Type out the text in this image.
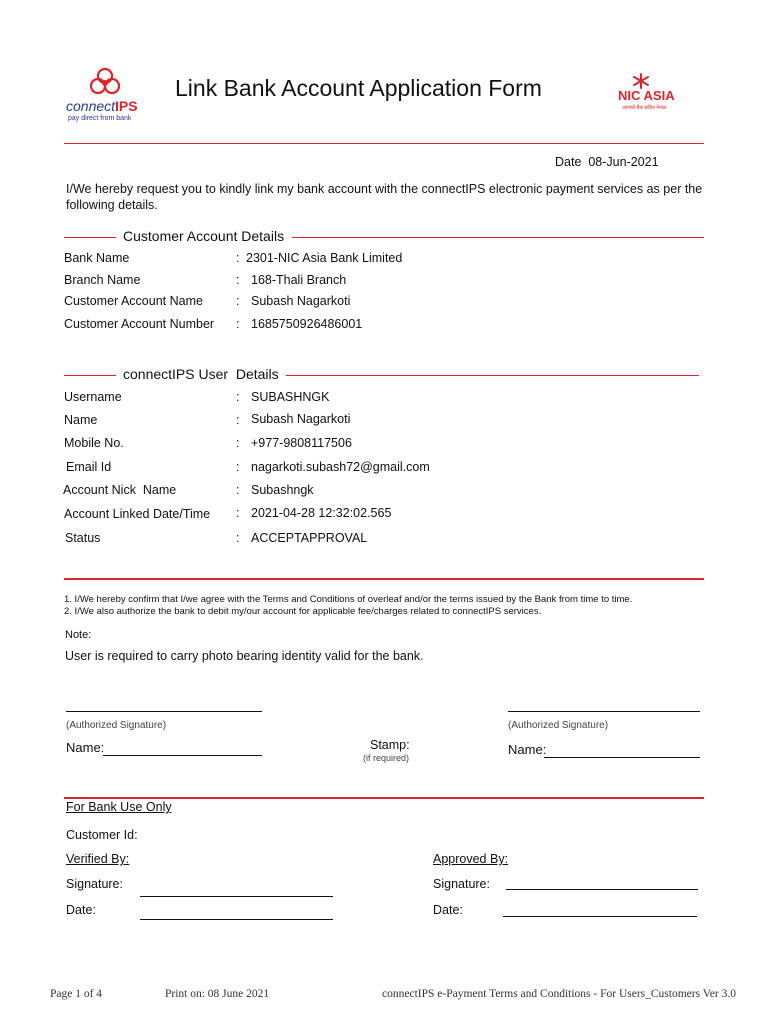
connectIPS
pay direct from bank
Link Bank Account Application Form	NIC ASIA
आपको बैंक सहित नेपाल
Date 08-Jun-2021
I/We hereby request you to kindly link my bank account with the connectIPS electronic payment services as per the following details.
Customer Account Details
Bank Name	: 2301-NIC Asia Bank Limited
Branch Name	: 168-Thali Branch
Customer Account Name	: Subash Nagarkoti
Customer Account Number : 1685750926486001
connectIPS User  Details
Username	: SUBASHNGK
Name	: Subash Nagarkoti
Mobile No.	: +977-9808117506
Email Id	: nagarkoti.subash72@gmail.com
Account Nick  Name	: Subashngk
Account Linked Date/Time : 2021-04-28 12:32:02.565
Status	: ACCEPTAPPROVAL
1. I/We hereby confirm that I/we agree with the Terms and Conditions of overleaf and/or the terms issued by the Bank from time to time.
2. I/We also authorize the bank to debit my/our account for applicable fee/charges related to connectIPS services.
Note:
User is required to carry photo bearing identity valid for the bank.
(Authorized Signature)
Name:	Stamp:
(if required)
(Authorized Signature)
Name:
For Bank Use Only
Customer Id:
Verified By:	Approved By:
Signature:	Signature:
Date:	Date:
Page 1 of 4	Print on: 08 June 2021	connectIPS e-Payment Terms and Conditions - For Users_Customers Ver 3.0
